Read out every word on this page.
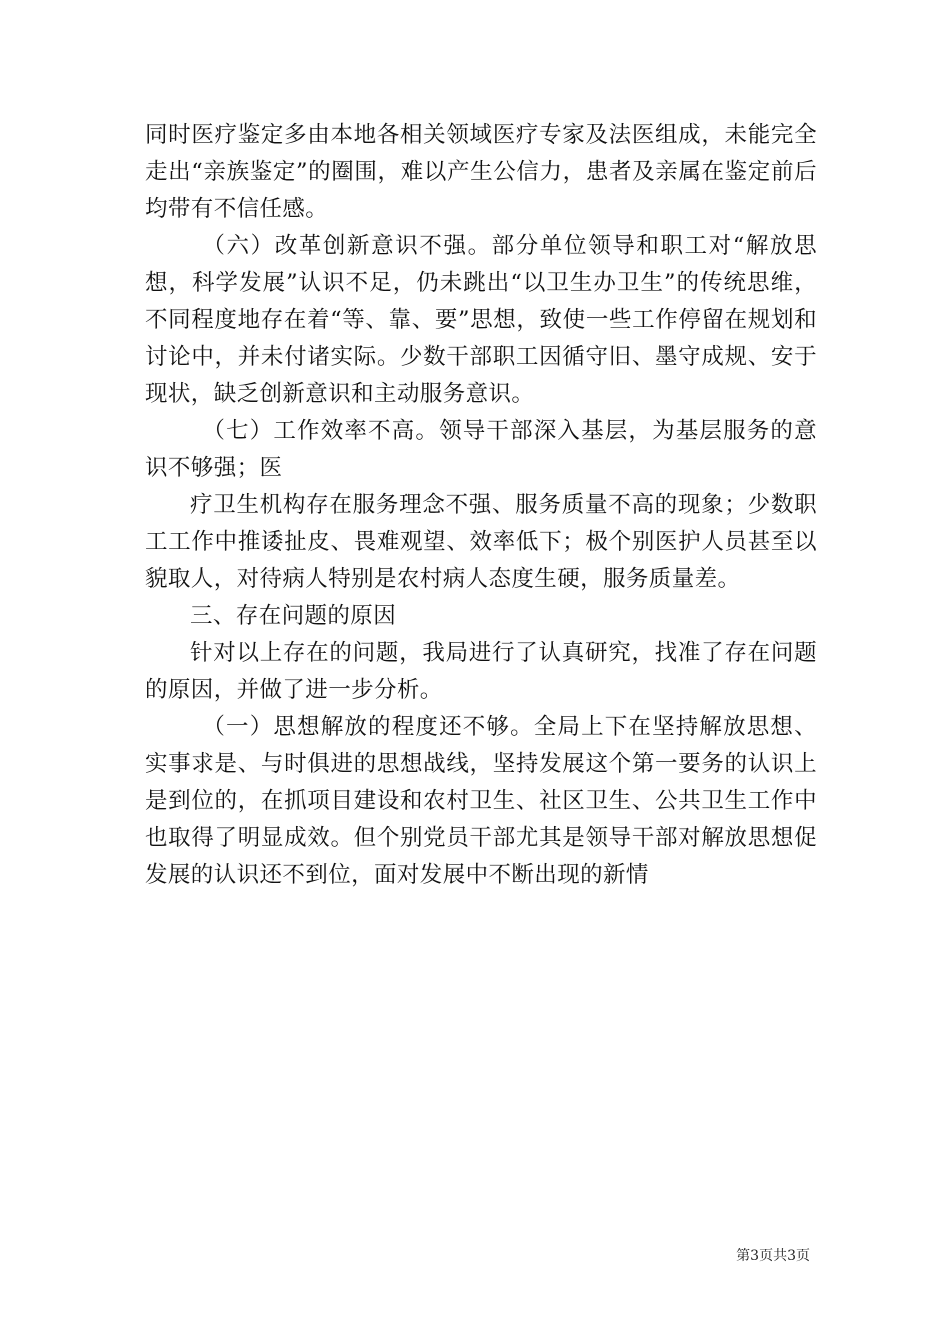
同时医疗鉴定多由本地各相关领域医疗专家及法医组成，未能完全走出“亲族鉴定”的圈围，难以产生公信力，患者及亲属在鉴定前后均带有不信任感。

（六）改革创新意识不强。部分单位领导和职工对“解放思想，科学发展”认识不足，仍未跳出“以卫生办卫生”的传统思维，不同程度地存在着“等、靠、要”思想，致使一些工作停留在规划和讨论中，并未付诸实际。少数干部职工因循守旧、墨守成规、安于现状，缺乏创新意识和主动服务意识。

（七）工作效率不高。领导干部深入基层，为基层服务的意识不够强；医

疗卫生机构存在服务理念不强、服务质量不高的现象；少数职工工作中推诿扯皮、畏难观望、效率低下；极个别医护人员甚至以貌取人，对待病人特别是农村病人态度生硬，服务质量差。

三、存在问题的原因

针对以上存在的问题，我局进行了认真研究，找准了存在问题的原因，并做了进一步分析。

（一）思想解放的程度还不够。全局上下在坚持解放思想、实事求是、与时俱进的思想战线，坚持发展这个第一要务的认识上是到位的，在抓项目建设和农村卫生、社区卫生、公共卫生工作中也取得了明显成效。但个别党员干部尤其是领导干部对解放思想促发展的认识还不到位，面对发展中不断出现的新情

第3页共3页
